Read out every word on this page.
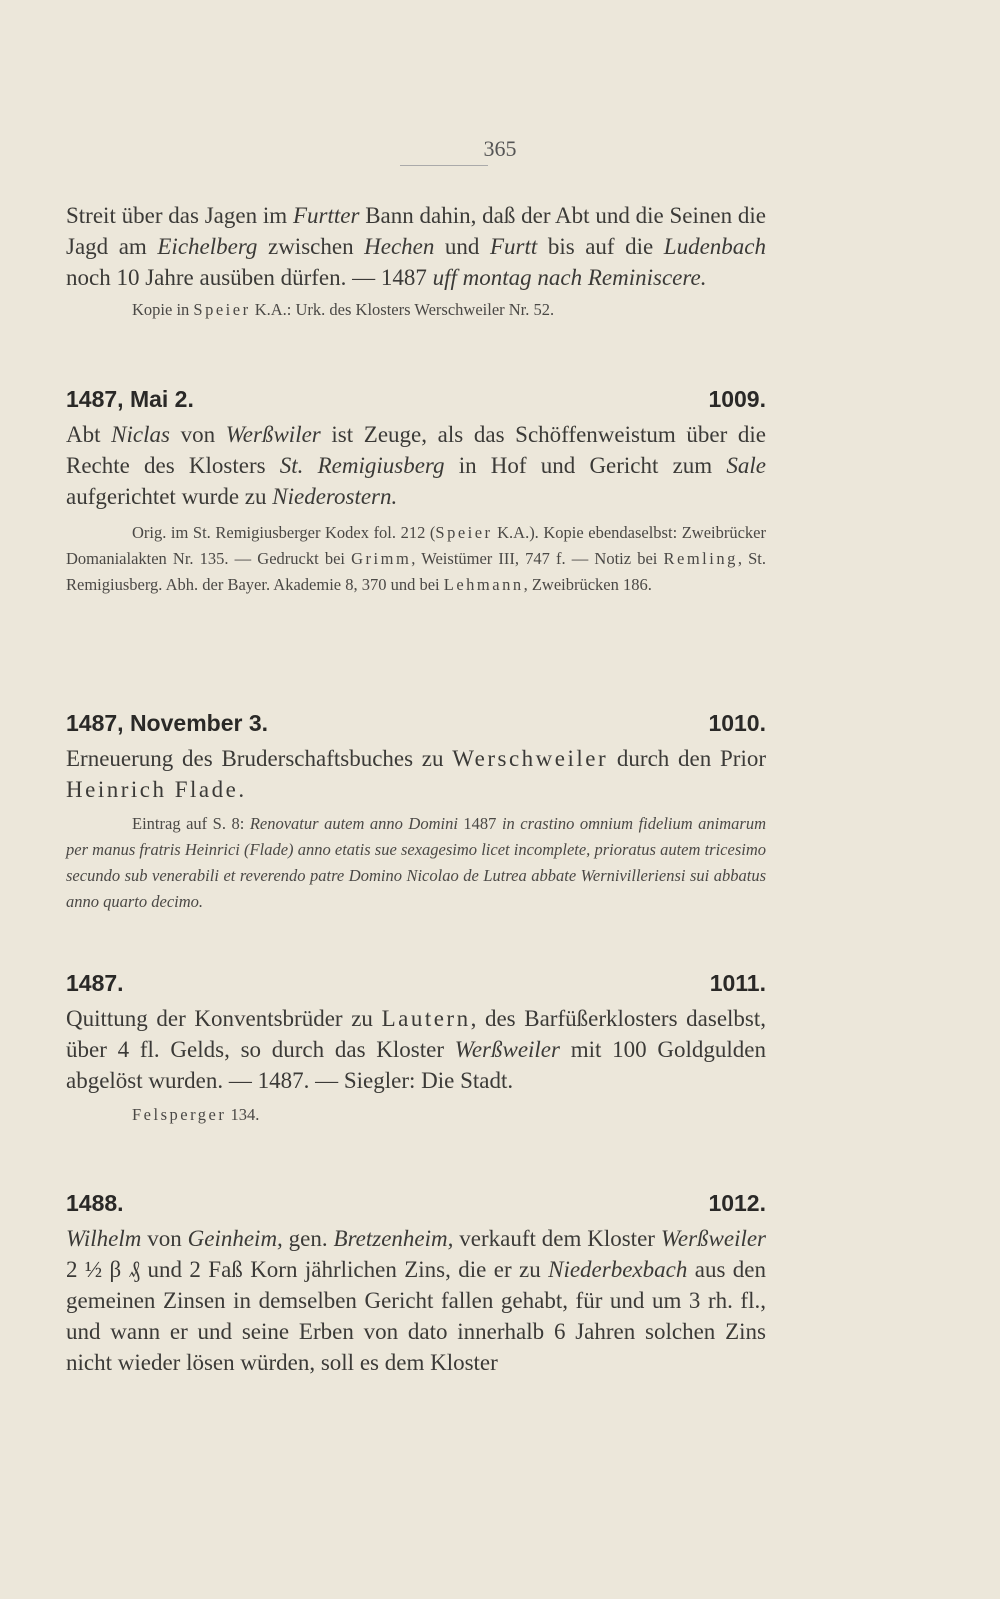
365

Streit über das Jagen im Furtter Bann dahin, daß der Abt und die Seinen die Jagd am Eichelberg zwischen Hechen und Furtt bis auf die Ludenbach noch 10 Jahre ausüben dürfen. — 1487 uff montag nach Reminiscere.

Kopie in Speier K.A.: Urk. des Klosters Werschweiler Nr. 52.

1487, Mai 2.	1009.

Abt Niclas von Werßwiler ist Zeuge, als das Schöffenweistum über die Rechte des Klosters St. Remigiusberg in Hof und Gericht zum Sale aufgerichtet wurde zu Niederostern.

Orig. im St. Remigiusberger Kodex fol. 212 (Speier K.A.). Kopie ebendaselbst: Zweibrücker Domanialakten Nr. 135. — Gedruckt bei Grimm, Weistümer III, 747 f. — Notiz bei Remling, St. Remigiusberg. Abh. der Bayer. Akademie 8, 370 und bei Lehmann, Zweibrücken 186.

1487, November 3.	1010.

Erneuerung des Bruderschaftsbuches zu Werschweiler durch den Prior Heinrich Flade.

Eintrag auf S. 8: Renovatur autem anno Domini 1487 in crastino omnium fidelium animarum per manus fratris Heinrici (Flade) anno etatis sue sexagesimo licet incomplete, prioratus autem tricesimo secundo sub venerabili et reverendo patre Domino Nicolao de Lutrea abbate Wernivilleriensi sui abbatus anno quarto decimo.

1487.	1011.

Quittung der Konventsbrüder zu Lautern, des Barfüßerklosters daselbst, über 4 fl. Gelds, so durch das Kloster Werßweiler mit 100 Goldgulden abgelöst wurden. — 1487. — Siegler: Die Stadt.

Felsperger 134.

1488.	1012.

Wilhelm von Geinheim, gen. Bretzenheim, verkauft dem Kloster Werßweiler 2 ½ β ₰ und 2 Faß Korn jährlichen Zins, die er zu Niederbexbach aus den gemeinen Zinsen in demselben Gericht fallen gehabt, für und um 3 rh. fl., und wann er und seine Erben von dato innerhalb 6 Jahren solchen Zins nicht wieder lösen würden, soll es dem Kloster
